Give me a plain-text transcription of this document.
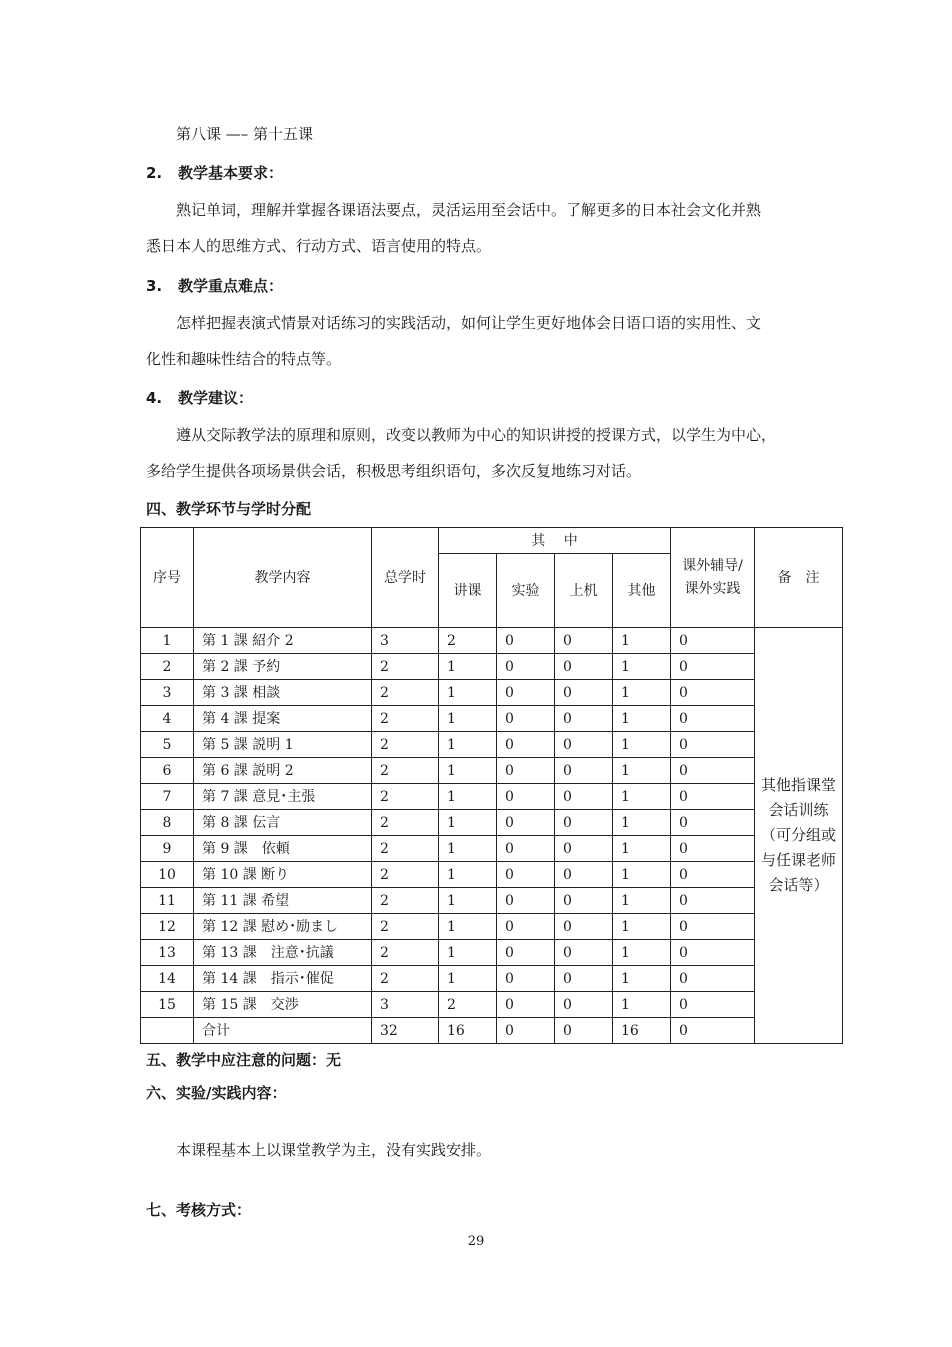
第八课 —– 第十五课
2. 教学基本要求：
熟记单词，理解并掌握各课语法要点，灵活运用至会话中。了解更多的日本社会文化并熟
悉日本人的思维方式、行动方式、语言使用的特点。
3. 教学重点难点：
怎样把握表演式情景对话练习的实践活动，如何让学生更好地体会日语口语的实用性、文
化性和趣味性结合的特点等。
4. 教学建议：
遵从交际教学法的原理和原则，改变以教师为中心的知识讲授的授课方式，以学生为中心，
多给学生提供各项场景供会话，积极思考组织语句，多次反复地练习对话。
四、教学环节与学时分配
序号	教学内容	总学时	其　 中				课外辅导/课外实践	备　注
			讲课	实验	上机	其他		
1	第 1 課 紹介 2	3	2	0	0	1	0	其他指课堂会话训练（可分组或与任课老师会话等）
2	第 2 課 予約	2	1	0	0	1	0	
3	第 3 課 相談	2	1	0	0	1	0	
4	第 4 課 提案	2	1	0	0	1	0	
5	第 5 課 説明 1	2	1	0	0	1	0	
6	第 6 課 説明 2	2	1	0	0	1	0	
7	第 7 課 意見･主張	2	1	0	0	1	0	
8	第 8 課 伝言	2	1	0	0	1	0	
9	第 9 課　依頼	2	1	0	0	1	0	
10	第 10 課 断り	2	1	0	0	1	0	
11	第 11 課 希望	2	1	0	0	1	0	
12	第 12 課 慰め･励まし	2	1	0	0	1	0	
13	第 13 課　注意･抗議	2	1	0	0	1	0	
14	第 14 課　指示･催促	2	1	0	0	1	0	
15	第 15 課　交渉	3	2	0	0	1	0	
	合计	32	16	0	0	16	0	
五、教学中应注意的问题：无
六、实验/实践内容：
本课程基本上以课堂教学为主，没有实践安排。
七、考核方式：
29
